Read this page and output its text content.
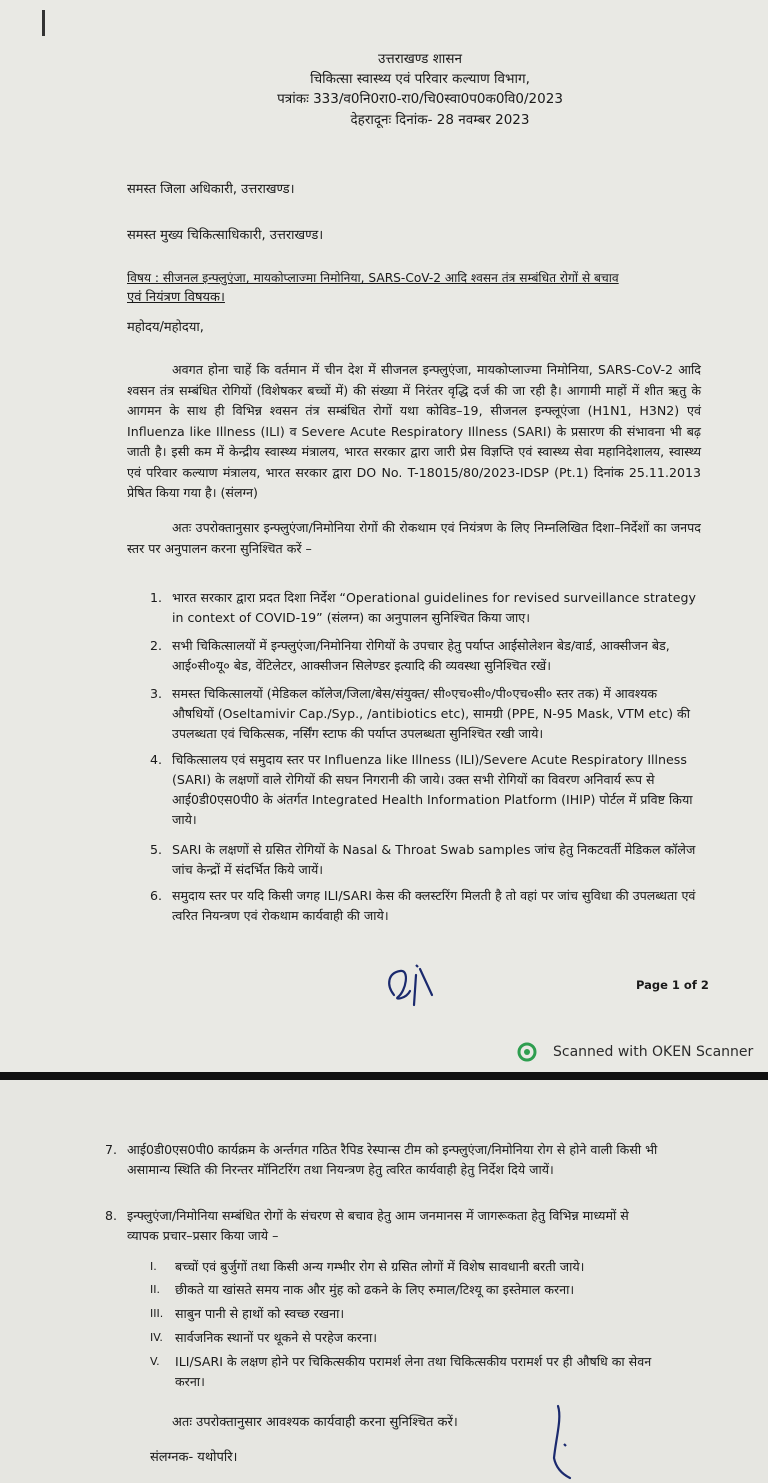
उत्तराखण्ड शासन
चिकित्सा स्वास्थ्य एवं परिवार कल्याण विभाग,
पत्रांकः 333/व0नि0रा0-रा0/चि0स्वा0प0क0वि0/2023
देहरादूनः दिनांक- 28 नवम्बर 2023
समस्त जिला अधिकारी, उत्तराखण्ड।
समस्त मुख्य चिकित्साधिकारी, उत्तराखण्ड।
विषय : सीजनल इन्फ्लुएंजा, मायकोप्लाज्मा निमोनिया, SARS-CoV-2 आदि श्वसन तंत्र सम्बंधित रोगों से बचाव
एवं नियंत्रण विषयक।
महोदय/महोदया,
अवगत होना चाहें कि वर्तमान में चीन देश में सीजनल इन्फ्लुएंजा, मायकोप्लाज्मा निमोनिया, SARS-CoV-2 आदि श्वसन तंत्र सम्बंधित रोगियों (विशेषकर बच्चों में) की संख्या में निरंतर वृद्धि दर्ज की जा रही है। आगामी माहों में शीत ऋतु के आगमन के साथ ही विभिन्न श्वसन तंत्र सम्बंधित रोगों यथा कोविड–19, सीजनल इन्फ्लूएंजा (H1N1, H3N2) एवं Influenza like Illness (ILI) व Severe Acute Respiratory Illness (SARI) के प्रसारण की संभावना भी बढ़ जाती है। इसी कम में केन्द्रीय स्वास्थ्य मंत्रालय, भारत सरकार द्वारा जारी प्रेस विज्ञप्ति एवं स्वास्थ्य सेवा महानिदेशालय, स्वास्थ्य एवं परिवार कल्याण मंत्रालय, भारत सरकार द्वारा DO No. T-18015/80/2023-IDSP (Pt.1) दिनांक 25.11.2013 प्रेषित किया गया है। (संलग्न)
अतः उपरोक्तानुसार इन्फ्लुएंजा/निमोनिया रोगों की रोकथाम एवं नियंत्रण के लिए निम्नलिखित दिशा–निर्देशों का जनपद स्तर पर अनुपालन करना सुनिश्चित करें –
1. भारत सरकार द्वारा प्रदत दिशा निर्देश “Operational guidelines for revised surveillance strategy in context of COVID-19” (संलग्न) का अनुपालन सुनिश्चित किया जाए।
2. सभी चिकित्सालयों में इन्फ्लुएंजा/निमोनिया रोगियों के उपचार हेतु पर्याप्त आईसोलेशन बेड/वार्ड, आक्सीजन बेड, आई०सी०यू० बेड, वेंटिलेटर, आक्सीजन सिलेण्डर इत्यादि की व्यवस्था सुनिश्चित रखें।
3. समस्त चिकित्सालयों (मेडिकल कॉलेज/जिला/बेस/संयुक्त/ सी०एच०सी०/पी०एच०सी० स्तर तक) में आवश्यक औषधियों (Oseltamivir Cap./Syp., /antibiotics etc), सामग्री (PPE, N-95 Mask, VTM etc) की उपलब्धता एवं चिकित्सक, नर्सिंग स्टाफ की पर्याप्त उपलब्धता सुनिश्चित रखी जाये।
4. चिकित्सालय एवं समुदाय स्तर पर Influenza like Illness (ILI)/Severe Acute Respiratory Illness (SARI) के लक्षणों वाले रोगियों की सघन निगरानी की जाये। उक्त सभी रोगियों का विवरण अनिवार्य रूप से आई0डी0एस0पी0 के अंतर्गत Integrated Health Information Platform (IHIP) पोर्टल में प्रविष्ट किया जाये।
5. SARI के लक्षणों से ग्रसित रोगियों के Nasal & Throat Swab samples जांच हेतु निकटवर्ती मेडिकल कॉलेज जांच केन्द्रों में संदर्भित किये जायें।
6. समुदाय स्तर पर यदि किसी जगह ILI/SARI केस की क्लस्टरिंग मिलती है तो वहां पर जांच सुविधा की उपलब्धता एवं त्वरित नियन्त्रण एवं रोकथाम कार्यवाही की जाये।
Page 1 of 2
Scanned with OKEN Scanner
7. आई0डी0एस0पी0 कार्यक्रम के अर्न्तगत गठित रैपिड रेस्पान्स टीम को इन्फ्लुएंजा/निमोनिया रोग से होने वाली किसी भी असामान्य स्थिति की निरन्तर मॉनिटरिंग तथा नियन्त्रण हेतु त्वरित कार्यवाही हेतु निर्देश दिये जायें।
8. इन्फ्लुएंजा/निमोनिया सम्बंधित रोगों के संचरण से बचाव हेतु आम जनमानस में जागरूकता हेतु विभिन्न माध्यमों से व्यापक प्रचार–प्रसार किया जाये –
I. बच्चों एवं बुर्जुगों तथा किसी अन्य गम्भीर रोग से ग्रसित लोगों में विशेष सावधानी बरती जाये।
II. छीकते या खांसते समय नाक और मुंह को ढकने के लिए रुमाल/टिश्यू का इस्तेमाल करना।
III. साबुन पानी से हाथों को स्वच्छ रखना।
IV. सार्वजनिक स्थानों पर थूकने से परहेज करना।
V. ILI/SARI के लक्षण होने पर चिकित्सकीय परामर्श लेना तथा चिकित्सकीय परामर्श पर ही औषधि का सेवन करना।
अतः उपरोक्तानुसार आवश्यक कार्यवाही करना सुनिश्चित करें।
संलग्नक- यथोपरि।
